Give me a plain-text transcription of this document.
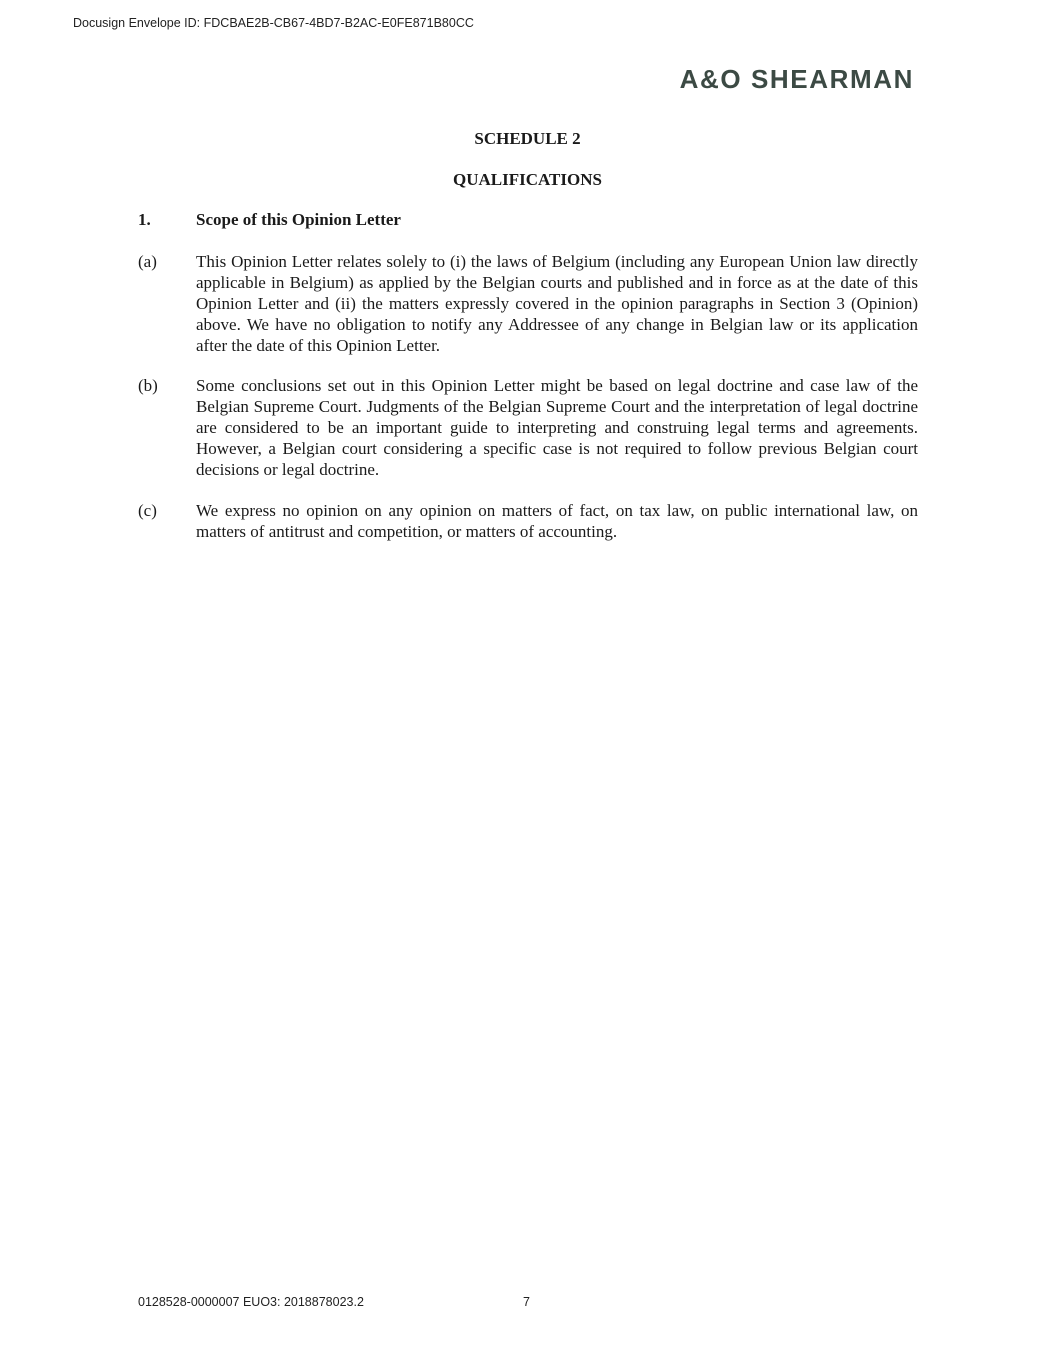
Docusign Envelope ID: FDCBAE2B-CB67-4BD7-B2AC-E0FE871B80CC
A&O SHEARMAN
SCHEDULE 2
QUALIFICATIONS
1.	Scope of this Opinion Letter
(a) This Opinion Letter relates solely to (i) the laws of Belgium (including any European Union law directly applicable in Belgium) as applied by the Belgian courts and published and in force as at the date of this Opinion Letter and (ii) the matters expressly covered in the opinion paragraphs in Section 3 (Opinion) above. We have no obligation to notify any Addressee of any change in Belgian law or its application after the date of this Opinion Letter.
(b) Some conclusions set out in this Opinion Letter might be based on legal doctrine and case law of the Belgian Supreme Court. Judgments of the Belgian Supreme Court and the interpretation of legal doctrine are considered to be an important guide to interpreting and construing legal terms and agreements. However, a Belgian court considering a specific case is not required to follow previous Belgian court decisions or legal doctrine.
(c) We express no opinion on any opinion on matters of fact, on tax law, on public international law, on matters of antitrust and competition, or matters of accounting.
0128528-0000007 EUO3: 2018878023.2	7
